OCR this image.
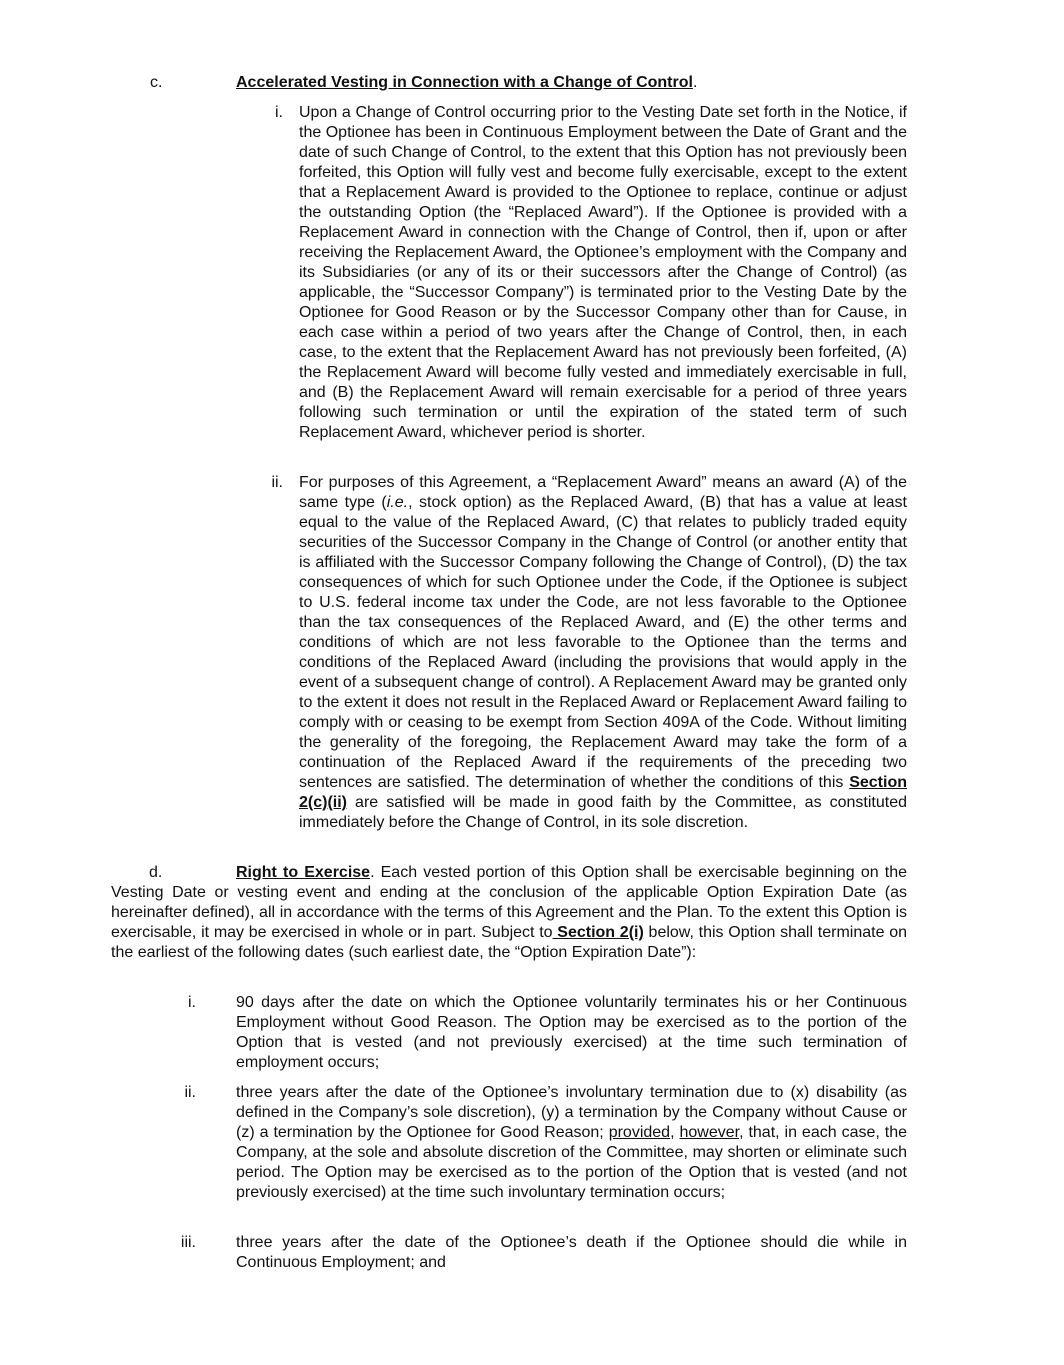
c.	Accelerated Vesting in Connection with a Change of Control.
i. Upon a Change of Control occurring prior to the Vesting Date set forth in the Notice, if the Optionee has been in Continuous Employment between the Date of Grant and the date of such Change of Control, to the extent that this Option has not previously been forfeited, this Option will fully vest and become fully exercisable, except to the extent that a Replacement Award is provided to the Optionee to replace, continue or adjust the outstanding Option (the “Replaced Award”). If the Optionee is provided with a Replacement Award in connection with the Change of Control, then if, upon or after receiving the Replacement Award, the Optionee’s employment with the Company and its Subsidiaries (or any of its or their successors after the Change of Control) (as applicable, the “Successor Company”) is terminated prior to the Vesting Date by the Optionee for Good Reason or by the Successor Company other than for Cause, in each case within a period of two years after the Change of Control, then, in each case, to the extent that the Replacement Award has not previously been forfeited, (A) the Replacement Award will become fully vested and immediately exercisable in full, and (B) the Replacement Award will remain exercisable for a period of three years following such termination or until the expiration of the stated term of such Replacement Award, whichever period is shorter.
ii. For purposes of this Agreement, a “Replacement Award” means an award (A) of the same type (i.e., stock option) as the Replaced Award, (B) that has a value at least equal to the value of the Replaced Award, (C) that relates to publicly traded equity securities of the Successor Company in the Change of Control (or another entity that is affiliated with the Successor Company following the Change of Control), (D) the tax consequences of which for such Optionee under the Code, if the Optionee is subject to U.S. federal income tax under the Code, are not less favorable to the Optionee than the tax consequences of the Replaced Award, and (E) the other terms and conditions of which are not less favorable to the Optionee than the terms and conditions of the Replaced Award (including the provisions that would apply in the event of a subsequent change of control). A Replacement Award may be granted only to the extent it does not result in the Replaced Award or Replacement Award failing to comply with or ceasing to be exempt from Section 409A of the Code. Without limiting the generality of the foregoing, the Replacement Award may take the form of a continuation of the Replaced Award if the requirements of the preceding two sentences are satisfied. The determination of whether the conditions of this Section 2(c)(ii) are satisfied will be made in good faith by the Committee, as constituted immediately before the Change of Control, in its sole discretion.
d.	Right to Exercise. Each vested portion of this Option shall be exercisable beginning on the Vesting Date or vesting event and ending at the conclusion of the applicable Option Expiration Date (as hereinafter defined), all in accordance with the terms of this Agreement and the Plan. To the extent this Option is exercisable, it may be exercised in whole or in part. Subject to Section 2(i) below, this Option shall terminate on the earliest of the following dates (such earliest date, the “Option Expiration Date”):
i.	90 days after the date on which the Optionee voluntarily terminates his or her Continuous Employment without Good Reason. The Option may be exercised as to the portion of the Option that is vested (and not previously exercised) at the time such termination of employment occurs;
ii.	three years after the date of the Optionee’s involuntary termination due to (x) disability (as defined in the Company’s sole discretion), (y) a termination by the Company without Cause or (z) a termination by the Optionee for Good Reason; provided, however, that, in each case, the Company, at the sole and absolute discretion of the Committee, may shorten or eliminate such period. The Option may be exercised as to the portion of the Option that is vested (and not previously exercised) at the time such involuntary termination occurs;
iii.	three years after the date of the Optionee’s death if the Optionee should die while in Continuous Employment; and
